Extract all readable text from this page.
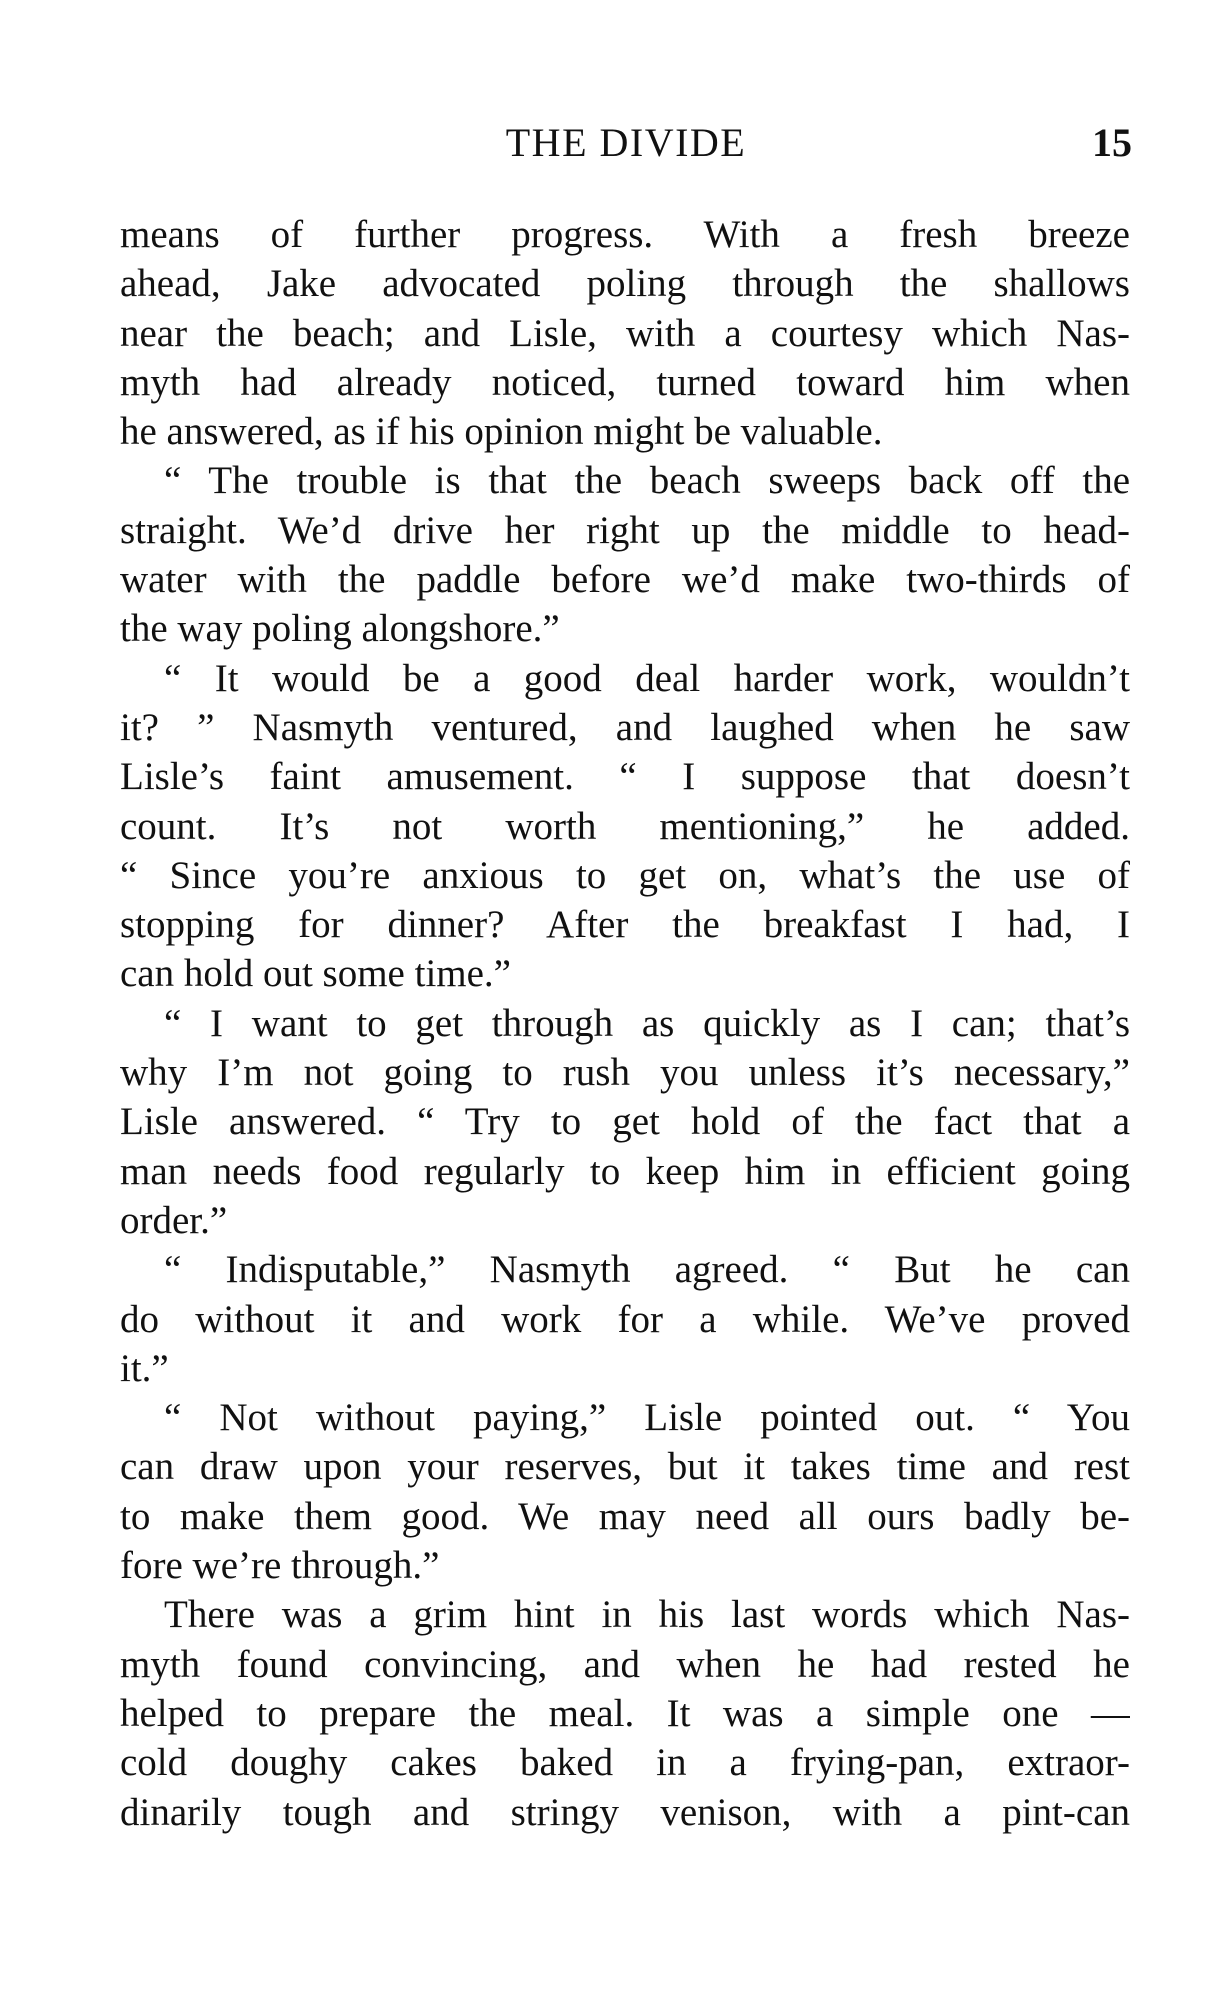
THE DIVIDE	15
means of further progress. With a fresh breeze
ahead, Jake advocated poling through the shallows
near the beach; and Lisle, with a courtesy which Nas-
myth had already noticed, turned toward him when
he answered, as if his opinion might be valuable.
“ The trouble is that the beach sweeps back off the
straight. We’d drive her right up the middle to head-
water with the paddle before we’d make two-thirds of
the way poling alongshore.”
“ It would be a good deal harder work, wouldn’t
it? ” Nasmyth ventured, and laughed when he saw
Lisle’s faint amusement. “ I suppose that doesn’t
count. It’s not worth mentioning,” he added.
“ Since you’re anxious to get on, what’s the use of
stopping for dinner? After the breakfast I had, I
can hold out some time.”
“ I want to get through as quickly as I can; that’s
why I’m not going to rush you unless it’s necessary,”
Lisle answered. “ Try to get hold of the fact that a
man needs food regularly to keep him in efficient going
order.”
“ Indisputable,” Nasmyth agreed. “ But he can
do without it and work for a while. We’ve proved
it.”
“ Not without paying,” Lisle pointed out. “ You
can draw upon your reserves, but it takes time and rest
to make them good. We may need all ours badly be-
fore we’re through.”
There was a grim hint in his last words which Nas-
myth found convincing, and when he had rested he
helped to prepare the meal. It was a simple one —
cold doughy cakes baked in a frying-pan, extraor-
dinarily tough and stringy venison, with a pint-can
